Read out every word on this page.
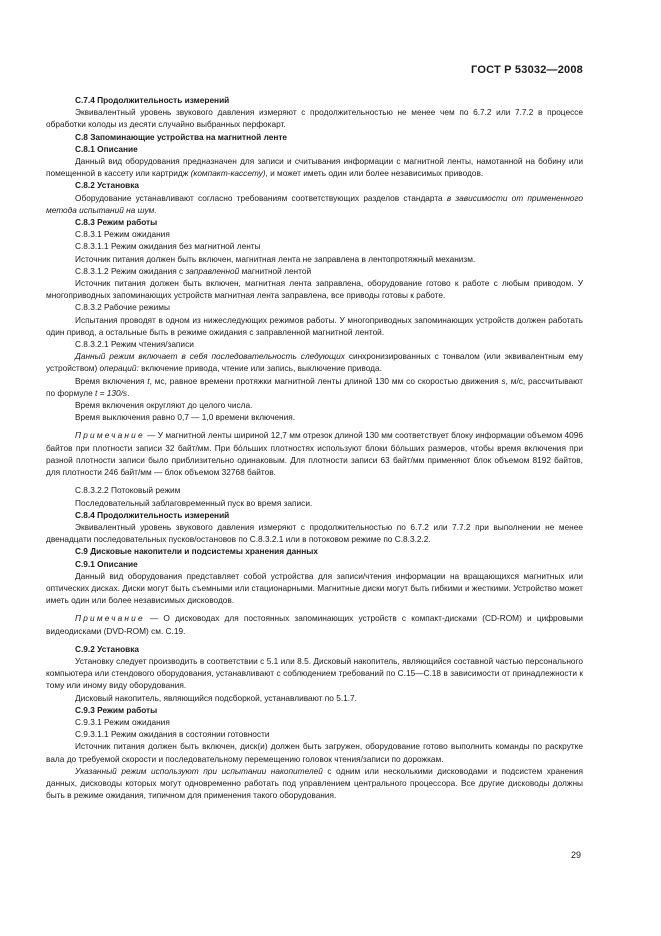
ГОСТ Р 53032—2008

С.7.4 Продолжительность измерений

Эквивалентный уровень звукового давления измеряют с продолжительностью не менее чем по 6.7.2 или 7.7.2 в процессе обработки колоды из десяти случайно выбранных перфокарт.

С.8 Запоминающие устройства на магнитной ленте

С.8.1 Описание

Данный вид оборудования предназначен для записи и считывания информации с магнитной ленты, намотанной на бобину или помещенной в кассету или картридж (компакт-кассету), и может иметь один или более независимых приводов.

С.8.2 Установка

Оборудование устанавливают согласно требованиям соответствующих разделов стандарта в зависимости от примененного метода испытаний на шум.

С.8.3 Режим работы

С.8.3.1 Режим ожидания

С.8.3.1.1 Режим ожидания без магнитной ленты

Источник питания должен быть включен, магнитная лента не заправлена в лентопротяжный механизм.

С.8.3.1.2 Режим ожидания с заправленной магнитной лентой

Источник питания должен быть включен, магнитная лента заправлена, оборудование готово к работе с любым приводом. У многоприводных запоминающих устройств магнитная лента заправлена, все приводы готовы к работе.

С.8.3.2 Рабочие режимы

Испытания проводят в одном из нижеследующих режимов работы. У многоприводных запоминающих устройств должен работать один привод, а остальные быть в режиме ожидания с заправленной магнитной лентой.

С.8.3.2.1 Режим чтения/записи

Данный режим включает в себя последовательность следующих синхронизированных с тонвалом (или эквивалентным ему устройством) операций: включение привода, чтение или запись, выключение привода.

Время включения t, мс, равное времени протяжки магнитной ленты длиной 130 мм со скоростью движения s, м/с, рассчитывают по формуле t = 130/s.

Время включения округляют до целого числа.

Время выключения равно 0,7 — 1,0 времени включения.

Примечание — У магнитной ленты шириной 12,7 мм отрезок длиной 130 мм соответствует блоку информации объемом 4096 байтов при плотности записи 32 байт/мм. При бо́льших плотностях используют блоки бо́льших размеров, чтобы время включения при разной плотности записи было приблизительно одинаковым. Для плотности записи 63 байт/мм применяют блок объемом 8192 байтов, для плотности 246 байт/мм — блок объемом 32768 байтов.

С.8.3.2.2 Потоковый режим

Последовательный заблаговременный пуск во время записи.

С.8.4 Продолжительность измерений

Эквивалентный уровень звукового давления измеряют с продолжительностью по 6.7.2 или 7.7.2 при выполнении не менее двенадцати последовательных пусков/остановов по С.8.3.2.1 или в потоковом режиме по С.8.3.2.2.

С.9 Дисковые накопители и подсистемы хранения данных

С.9.1 Описание

Данный вид оборудования представляет собой устройства для записи/чтения информации на вращающихся магнитных или оптических дисках. Диски могут быть съемными или стационарными. Магнитные диски могут быть гибкими и жесткими. Устройство может иметь один или более независимых дисководов.

Примечание — О дисководах для постоянных запоминающих устройств с компакт-дисками (CD-ROM) и цифровыми видеодисками (DVD-ROM) см. С.19.

С.9.2 Установка

Установку следует производить в соответствии с 5.1 или 8.5. Дисковый накопитель, являющийся составной частью персонального компьютера или стендового оборудования, устанавливают с соблюдением требований по С.15—С.18 в зависимости от принадлежности к тому или иному виду оборудования.

Дисковый накопитель, являющийся подсборкой, устанавливают по 5.1.7.

С.9.3 Режим работы

С.9.3.1 Режим ожидания

С.9.3.1.1 Режим ожидания в состоянии готовности

Источник питания должен быть включен, диск(и) должен быть загружен, оборудование готово выполнить команды по раскрутке вала до требуемой скорости и последовательному перемещению головок чтения/записи по дорожкам.

Указанный режим используют при испытании накопителей с одним или несколькими дисководами и подсистем хранения данных, дисководы которых могут одновременно работать под управлением центрального процессора. Все другие дисководы должны быть в режиме ожидания, типичном для применения такого оборудования.

29
